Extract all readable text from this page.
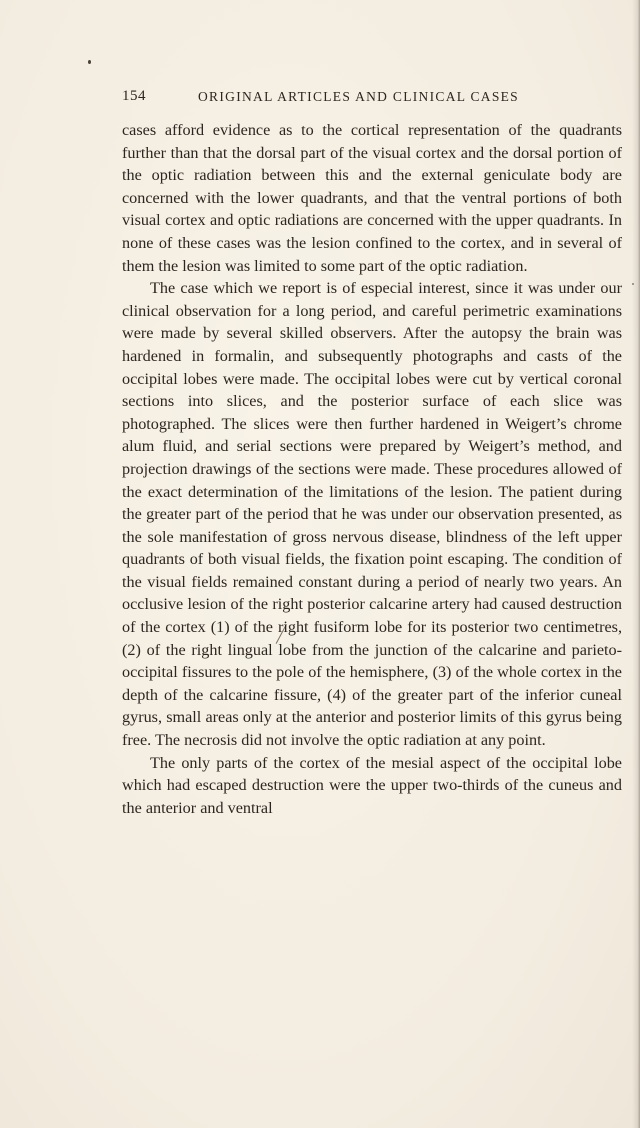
154	ORIGINAL ARTICLES AND CLINICAL CASES

cases afford evidence as to the cortical representation of the quadrants further than that the dorsal part of the visual cortex and the dorsal portion of the optic radiation between this and the external geniculate body are concerned with the lower quadrants, and that the ventral portions of both visual cortex and optic radiations are concerned with the upper quadrants. In none of these cases was the lesion confined to the cortex, and in several of them the lesion was limited to some part of the optic radiation.

The case which we report is of especial interest, since it was under our clinical observation for a long period, and careful perimetric examinations were made by several skilled observers. After the autopsy the brain was hardened in formalin, and subsequently photographs and casts of the occipital lobes were made. The occipital lobes were cut by vertical coronal sections into slices, and the posterior surface of each slice was photographed. The slices were then further hardened in Weigert’s chrome alum fluid, and serial sections were prepared by Weigert’s method, and projection drawings of the sections were made. These procedures allowed of the exact determination of the limitations of the lesion. The patient during the greater part of the period that he was under our observation presented, as the sole manifestation of gross nervous disease, blindness of the left upper quadrants of both visual fields, the fixation point escaping. The condition of the visual fields remained constant during a period of nearly two years. An occlusive lesion of the right posterior calcarine artery had caused destruction of the cortex (1) of the right fusiform lobe for its posterior two centimetres, (2) of the right lingual lobe from the junction of the calcarine and parieto-occipital fissures to the pole of the hemisphere, (3) of the whole cortex in the depth of the calcarine fissure, (4) of the greater part of the inferior cuneal gyrus, small areas only at the anterior and posterior limits of this gyrus being free. The necrosis did not involve the optic radiation at any point.

The only parts of the cortex of the mesial aspect of the occipital lobe which had escaped destruction were the upper two-thirds of the cuneus and the anterior and ventral
